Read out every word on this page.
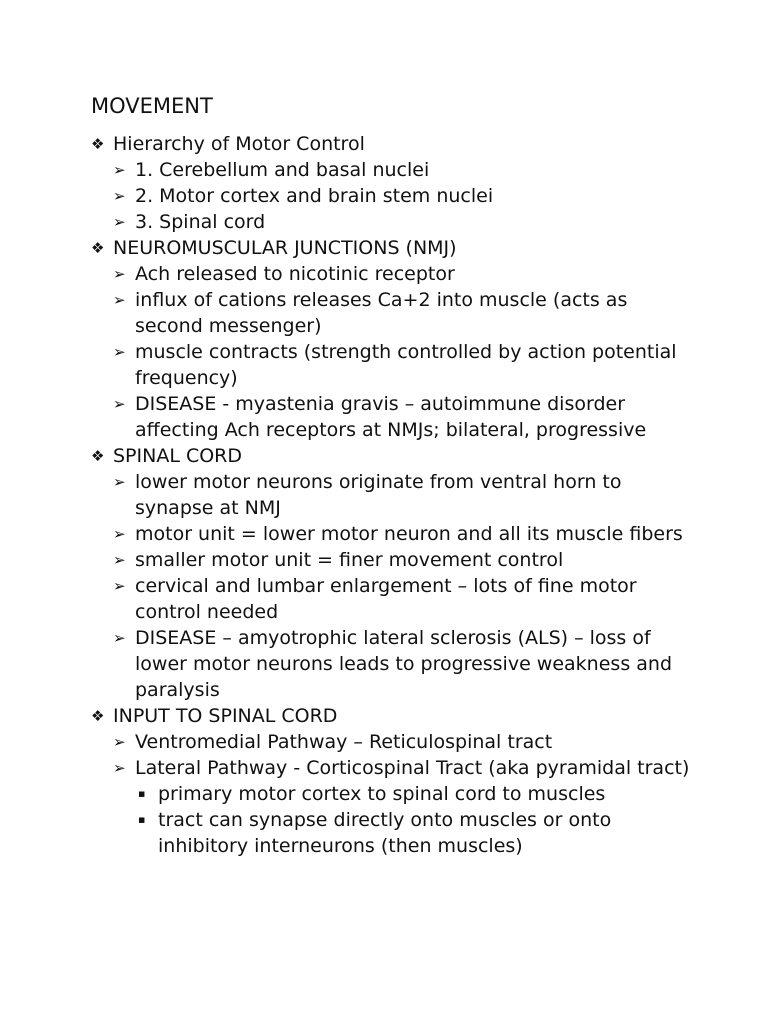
MOVEMENT
❖ Hierarchy of Motor Control
➢ 1. Cerebellum and basal nuclei
➢ 2. Motor cortex and brain stem nuclei
➢ 3. Spinal cord
❖ NEUROMUSCULAR JUNCTIONS (NMJ)
➢ Ach released to nicotinic receptor
➢ influx of cations releases Ca+2 into muscle (acts as second messenger)
➢ muscle contracts (strength controlled by action potential frequency)
➢ DISEASE - myastenia gravis – autoimmune disorder affecting Ach receptors at NMJs; bilateral, progressive
❖ SPINAL CORD
➢ lower motor neurons originate from ventral horn to synapse at NMJ
➢ motor unit = lower motor neuron and all its muscle fibers
➢ smaller motor unit = finer movement control
➢ cervical and lumbar enlargement – lots of fine motor control needed
➢ DISEASE – amyotrophic lateral sclerosis (ALS) – loss of lower motor neurons leads to progressive weakness and paralysis
❖ INPUT TO SPINAL CORD
➢ Ventromedial Pathway – Reticulospinal tract
➢ Lateral Pathway - Corticospinal Tract (aka pyramidal tract)
▪ primary motor cortex to spinal cord to muscles
▪ tract can synapse directly onto muscles or onto inhibitory interneurons (then muscles)
